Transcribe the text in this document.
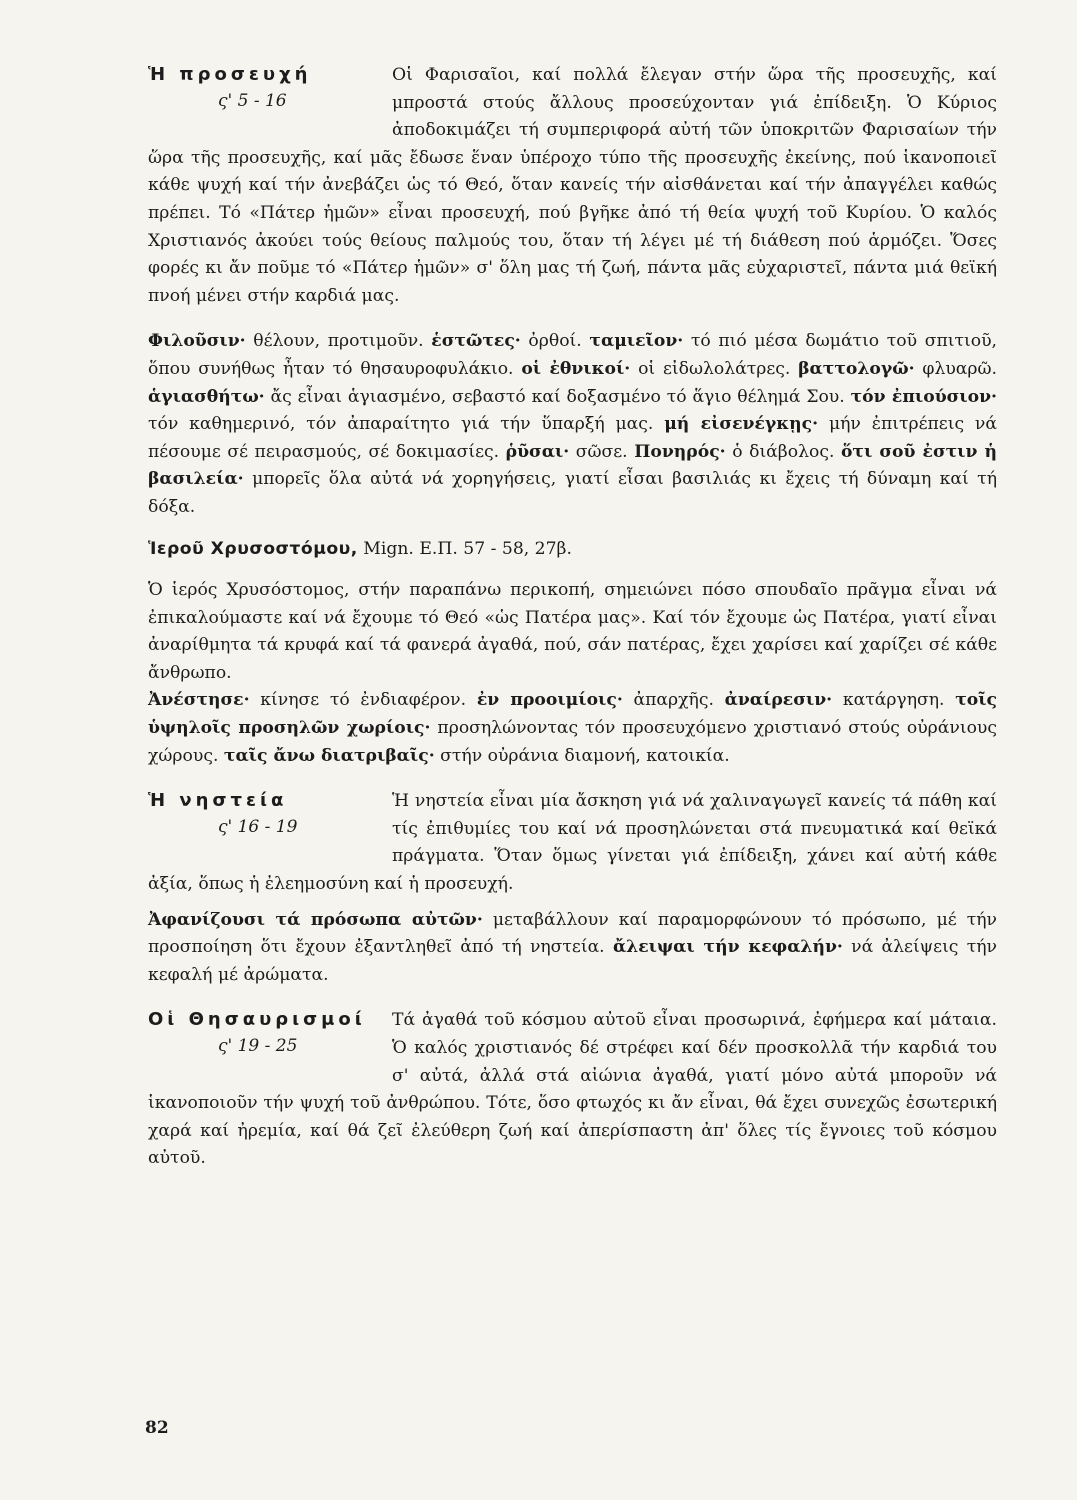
Ἡ προσευχή
ς' 5 - 16

Οἱ Φαρισαῖοι, καί πολλά ἔλεγαν στήν ὥρα τῆς προσευχῆς, καί μπροστά στούς ἄλλους προσεύχονταν γιά ἐπίδειξη. Ὁ Κύριος ἀποδοκιμάζει τή συμπεριφορά αὐτή τῶν ὑποκριτῶν Φαρισαίων τήν ὥρα τῆς προσευχῆς, καί μᾶς ἔδωσε ἕναν ὑπέροχο τύπο τῆς προσευχῆς ἐκείνης, πού ἱκανοποιεῖ κάθε ψυχή καί τήν ἀνεβάζει ὡς τό Θεό, ὅταν κανείς τήν αἰσθάνεται καί τήν ἀπαγγέλει καθώς πρέπει. Τό «Πάτερ ἡμῶν» εἶναι προσευχή, πού βγῆκε ἀπό τή θεία ψυχή τοῦ Κυρίου. Ὁ καλός Χριστιανός ἀκούει τούς θείους παλμούς του, ὅταν τή λέγει μέ τή διάθεση πού ἁρμόζει. Ὅσες φορές κι ἄν ποῦμε τό «Πάτερ ἡμῶν» σ' ὅλη μας τή ζωή, πάντα μᾶς εὐχαριστεῖ, πάντα μιά θεϊκή πνοή μένει στήν καρδιά μας.

Φιλοῦσιν· θέλουν, προτιμοῦν. ἑστῶτες· ὀρθοί. ταμιεῖον· τό πιό μέσα δωμάτιο τοῦ σπιτιοῦ, ὅπου συνήθως ἦταν τό θησαυροφυλάκιο. οἱ ἐθνικοί· οἱ εἰδωλολάτρες. βαττολογῶ· φλυαρῶ. ἁγιασθήτω· ἄς εἶναι ἁγιασμένο, σεβαστό καί δοξασμένο τό ἅγιο θέλημά Σου. τόν ἐπιούσιον· τόν καθημερινό, τόν ἀπαραίτητο γιά τήν ὕπαρξή μας. μή εἰσενέγκῃς· μήν ἐπιτρέπεις νά πέσουμε σέ πειρασμούς, σέ δοκιμασίες. ῥῦσαι· σῶσε. Πονηρός· ὁ διάβολος. ὅτι σοῦ ἐστιν ἡ βασιλεία· μπορεῖς ὅλα αὐτά νά χορηγήσεις, γιατί εἶσαι βασιλιάς κι ἔχεις τή δύναμη καί τή δόξα.

Ἱεροῦ Χρυσοστόμου, Mign. Ε.Π. 57 - 58, 27β.

Ὁ ἱερός Χρυσόστομος, στήν παραπάνω περικοπή, σημειώνει πόσο σπουδαῖο πρᾶγμα εἶναι νά ἐπικαλούμαστε καί νά ἔχουμε τό Θεό «ὡς Πατέρα μας». Καί τόν ἔχουμε ὡς Πατέρα, γιατί εἶναι ἀναρίθμητα τά κρυφά καί τά φανερά ἀγαθά, πού, σάν πατέρας, ἔχει χαρίσει καί χαρίζει σέ κάθε ἄνθρωπο.

Ἀνέστησε· κίνησε τό ἐνδιαφέρον. ἐν προοιμίοις· ἀπαρχῆς. ἀναίρεσιν· κατάργηση. τοῖς ὑψηλοῖς προσηλῶν χωρίοις· προσηλώνοντας τόν προσευχόμενο χριστιανό στούς οὐράνιους χώρους. ταῖς ἄνω διατριβαῖς· στήν οὐράνια διαμονή, κατοικία.

Ἡ νηστεία
ς' 16 - 19

Ἡ νηστεία εἶναι μία ἄσκηση γιά νά χαλιναγωγεῖ κανείς τά πάθη καί τίς ἐπιθυμίες του καί νά προσηλώνεται στά πνευματικά καί θεϊκά πράγματα. Ὅταν ὅμως γίνεται γιά ἐπίδειξη, χάνει καί αὐτή κάθε ἀξία, ὅπως ἡ ἐλεημοσύνη καί ἡ προσευχή.

Ἀφανίζουσι τά πρόσωπα αὐτῶν· μεταβάλλουν καί παραμορφώνουν τό πρόσωπο, μέ τήν προσποίηση ὅτι ἔχουν ἐξαντληθεῖ ἀπό τή νηστεία. ἄλειψαι τήν κεφαλήν· νά ἀλείψεις τήν κεφαλή μέ ἀρώματα.

Οἱ Θησαυρισμοί
ς' 19 - 25

Τά ἀγαθά τοῦ κόσμου αὐτοῦ εἶναι προσωρινά, ἐφήμερα καί μάταια. Ὁ καλός χριστιανός δέ στρέφει καί δέν προσκολλᾶ τήν καρδιά του σ' αὐτά, ἀλλά στά αἰώνια ἀγαθά, γιατί μόνο αὐτά μποροῦν νά ἱκανοποιοῦν τήν ψυχή τοῦ ἀνθρώπου. Τότε, ὅσο φτωχός κι ἄν εἶναι, θά ἔχει συνεχῶς ἐσωτερική χαρά καί ἠρεμία, καί θά ζεῖ ἐλεύθερη ζωή καί ἀπερίσπαστη ἀπ' ὅλες τίς ἔγνοιες τοῦ κόσμου αὐτοῦ.

82
